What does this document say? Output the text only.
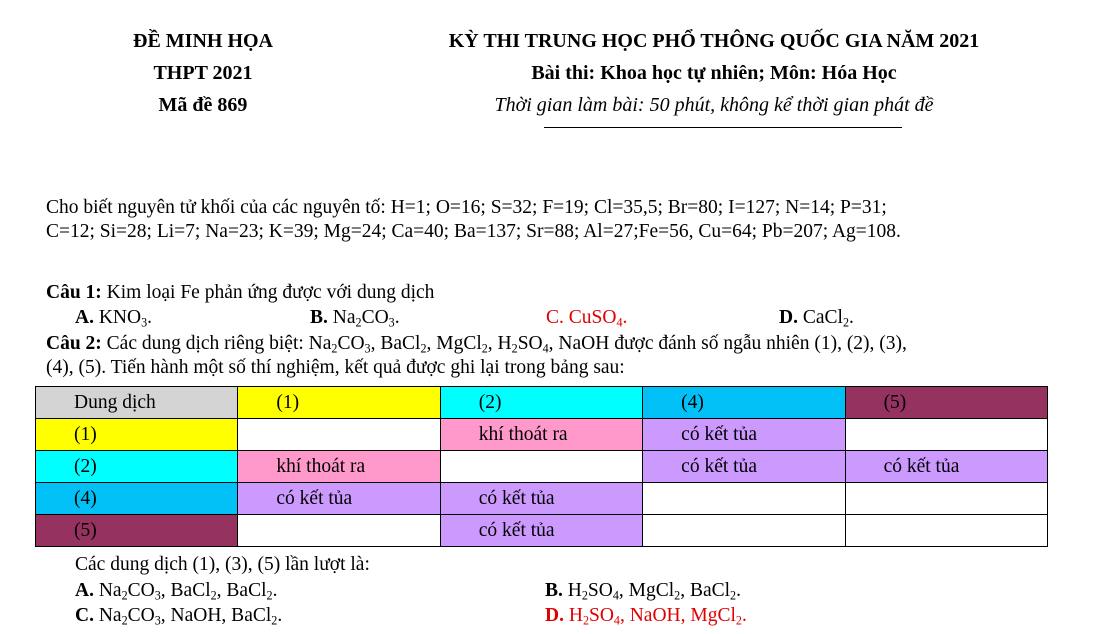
ĐỀ MINH HỌA
THPT 2021
Mã đề 869
KỲ THI TRUNG HỌC PHỔ THÔNG QUỐC GIA NĂM 2021
Bài thi: Khoa học tự nhiên; Môn: Hóa Học
Thời gian làm bài: 50 phút, không kể thời gian phát đề
Cho biết nguyên tử khối của các nguyên tố: H=1; O=16; S=32; F=19; Cl=35,5; Br=80; I=127; N=14; P=31;
C=12; Si=28; Li=7; Na=23; K=39; Mg=24; Ca=40; Ba=137; Sr=88; Al=27;Fe=56, Cu=64; Pb=207; Ag=108.
Câu 1: Kim loại Fe phản ứng được với dung dịch
A. $KNO_3$.	B. $Na_2CO_3$.	C. CuSO$_4$.	D. CaCl$_2$.
Câu 2: Các dung dịch riêng biệt: $Na_2CO_3$, BaCl$_2$, MgCl$_2$, $H_2SO_4$, NaOH được đánh số ngẫu nhiên (1), (2), (3),
(4), (5). Tiến hành một số thí nghiệm, kết quả được ghi lại trong bảng sau:
Dung dịch	(1)	(2)	(4)	(5)
(1)		khí thoát ra	có kết tủa	
(2)	khí thoát ra		có kết tủa	có kết tủa
(4)	có kết tủa	có kết tủa		
(5)		có kết tủa		
Các dung dịch (1), (3), (5) lần lượt là:
A. $Na_2CO_3$, BaCl$_2$, BaCl$_2$.	B. $H_2SO_4$, MgCl$_2$, BaCl$_2$.
C. $Na_2CO_3$, NaOH, BaCl$_2$.	D. $H_2SO_4$, NaOH, MgCl$_2$.
